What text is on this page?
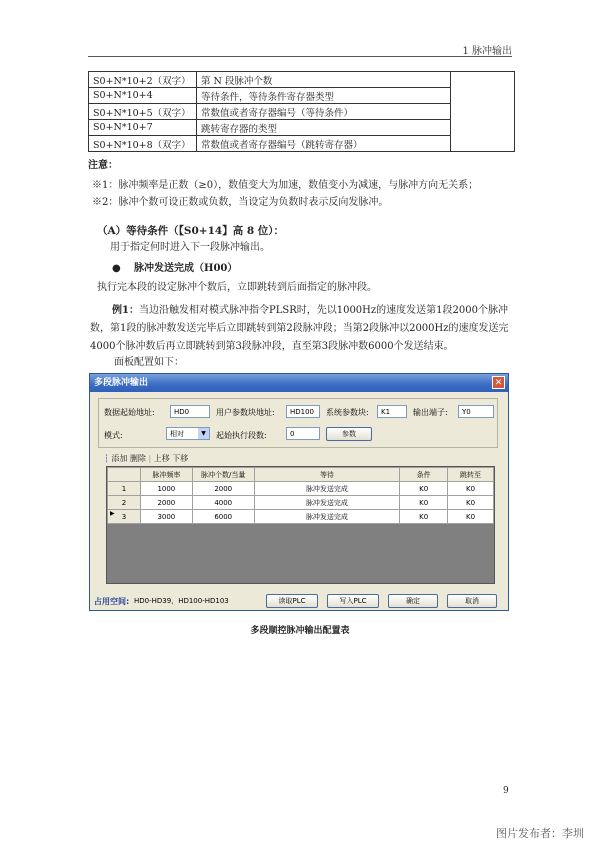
1 脉冲输出
S0+N*10+2（双字）	第 N 段脉冲个数	
S0+N*10+4	等待条件，等待条件寄存器类型	
S0+N*10+5（双字）	常数值或者寄存器编号（等待条件）	
S0+N*10+7	跳转寄存器的类型	
S0+N*10+8（双字）	常数值或者寄存器编号（跳转寄存器）	
注意：
※1：脉冲频率是正数（≥0），数值变大为加速，数值变小为减速，与脉冲方向无关系；
※2：脉冲个数可设正数或负数，当设定为负数时表示反向发脉冲。
（A）等待条件（【S0+14】高 8 位）：
用于指定何时进入下一段脉冲输出。
● 脉冲发送完成（H00）
执行完本段的设定脉冲个数后，立即跳转到后面指定的脉冲段。
例1：当边沿触发相对模式脉冲指令PLSR时，先以1000Hz的速度发送第1段2000个脉冲数，第1段的脉冲数发送完毕后立即跳转到第2段脉冲段；当第2段脉冲以2000Hz的速度发送完4000个脉冲数后再立即跳转到第3段脉冲段，直至第3段脉冲数6000个发送结束。
面板配置如下：
多段脉冲输出	✕
数据起始地址:	HD0	用户参数块地址:	HD100	系统参数块:	K1	输出端子:	Y0
模式:	相对	▼	起始执行段数:	0	参数
┆ 添加 删除 | 上移 下移
	脉冲频率	脉冲个数/当量	等待	条件	跳转至
1	1000	2000	脉冲发送完成	K0	K0
2	2000	4000	脉冲发送完成	K0	K0

▶ 3	3000	6000	脉冲发送完成	K0	K0
占用空间: HD0-HD39，HD100-HD103	读取PLC	写入PLC	确定	取消
多段顺控脉冲输出配置表
9
图片发布者：李圳
